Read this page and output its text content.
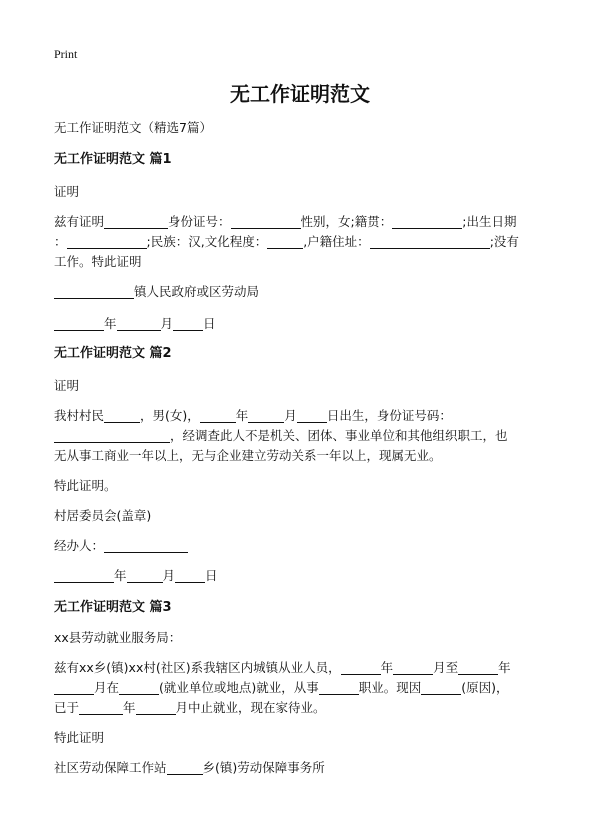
Print
无工作证明范文
无工作证明范文（精选7篇）
无工作证明范文 篇1
证明
兹有证明	身份证号：	性别，女;籍贯：	;出生日期
：	;民族：汉,文化程度：	,户籍住址：	;没有
工作。特此证明
镇人民政府或区劳动局
年	月 日
无工作证明范文 篇2
证明
我村村民	，男(女)，	年	月 日出生，身份证号码：
，经调查此人不是机关、团体、事业单位和其他组织职工，也
无从事工商业一年以上，无与企业建立劳动关系一年以上，现属无业。
特此证明。
村居委员会(盖章)
经办人：
年	月 日
无工作证明范文 篇3
xx县劳动就业服务局：
兹有xx乡(镇)xx村(社区)系我辖区内城镇从业人员，	年	月至	年
月在	(就业单位或地点)就业，从事	职业。现因	(原因)，
已于	年	月中止就业，现在家待业。
特此证明
社区劳动保障工作站	乡(镇)劳动保障事务所
